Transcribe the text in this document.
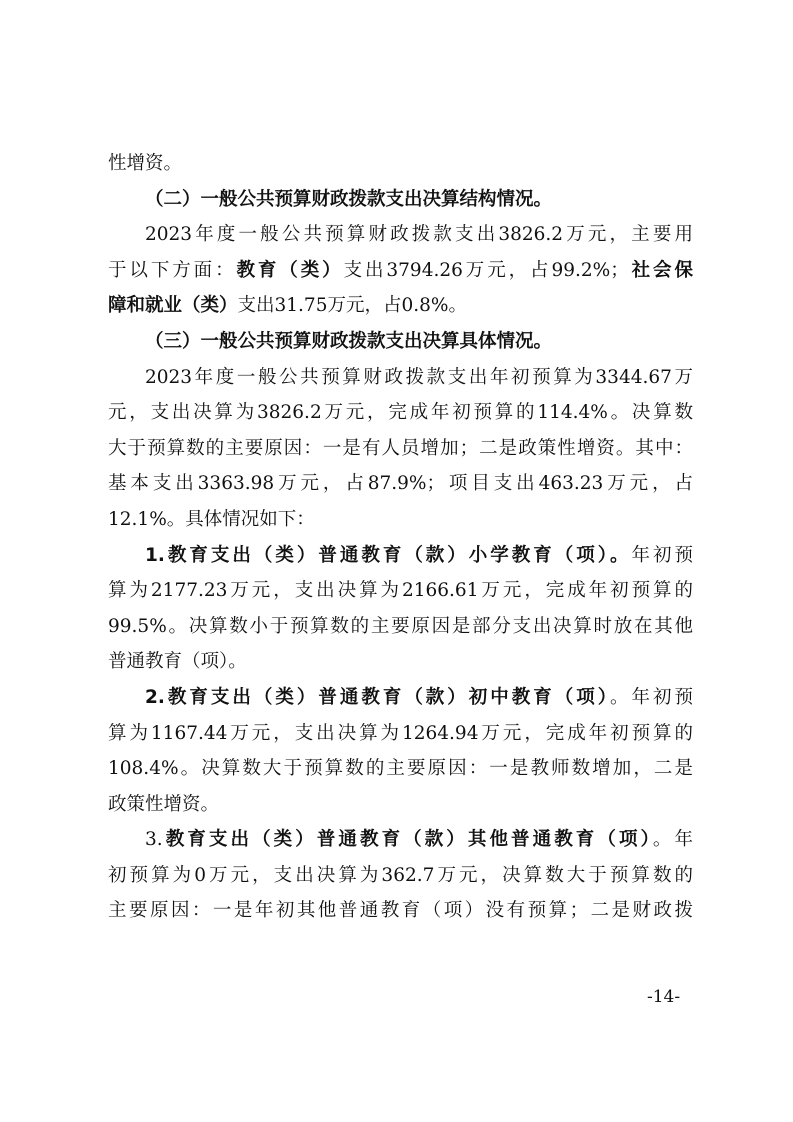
性增资。
（二）一般公共预算财政拨款支出决算结构情况。
2023年度一般公共预算财政拨款支出3826.2万元，主要用
于以下方面：教育（类）支出3794.26万元，占99.2%；社会保
障和就业（类）支出31.75万元，占0.8%。
（三）一般公共预算财政拨款支出决算具体情况。
2023年度一般公共预算财政拨款支出年初预算为3344.67万
元，支出决算为3826.2万元，完成年初预算的114.4%。决算数
大于预算数的主要原因：一是有人员增加；二是政策性增资。其中：
基本支出3363.98万元，占87.9%；项目支出463.23万元，占
12.1%。具体情况如下：
1.教育支出（类）普通教育（款）小学教育（项）。年初预
算为2177.23万元，支出决算为2166.61万元，完成年初预算的
99.5%。决算数小于预算数的主要原因是部分支出决算时放在其他
普通教育（项）。
2.教育支出（类）普通教育（款）初中教育（项）。年初预
算为1167.44万元，支出决算为1264.94万元，完成年初预算的
108.4%。决算数大于预算数的主要原因：一是教师数增加，二是
政策性增资。
3.教育支出（类）普通教育（款）其他普通教育（项）。年
初预算为0万元，支出决算为362.7万元，决算数大于预算数的
主要原因：一是年初其他普通教育（项）没有预算；二是财政拨
-14-
